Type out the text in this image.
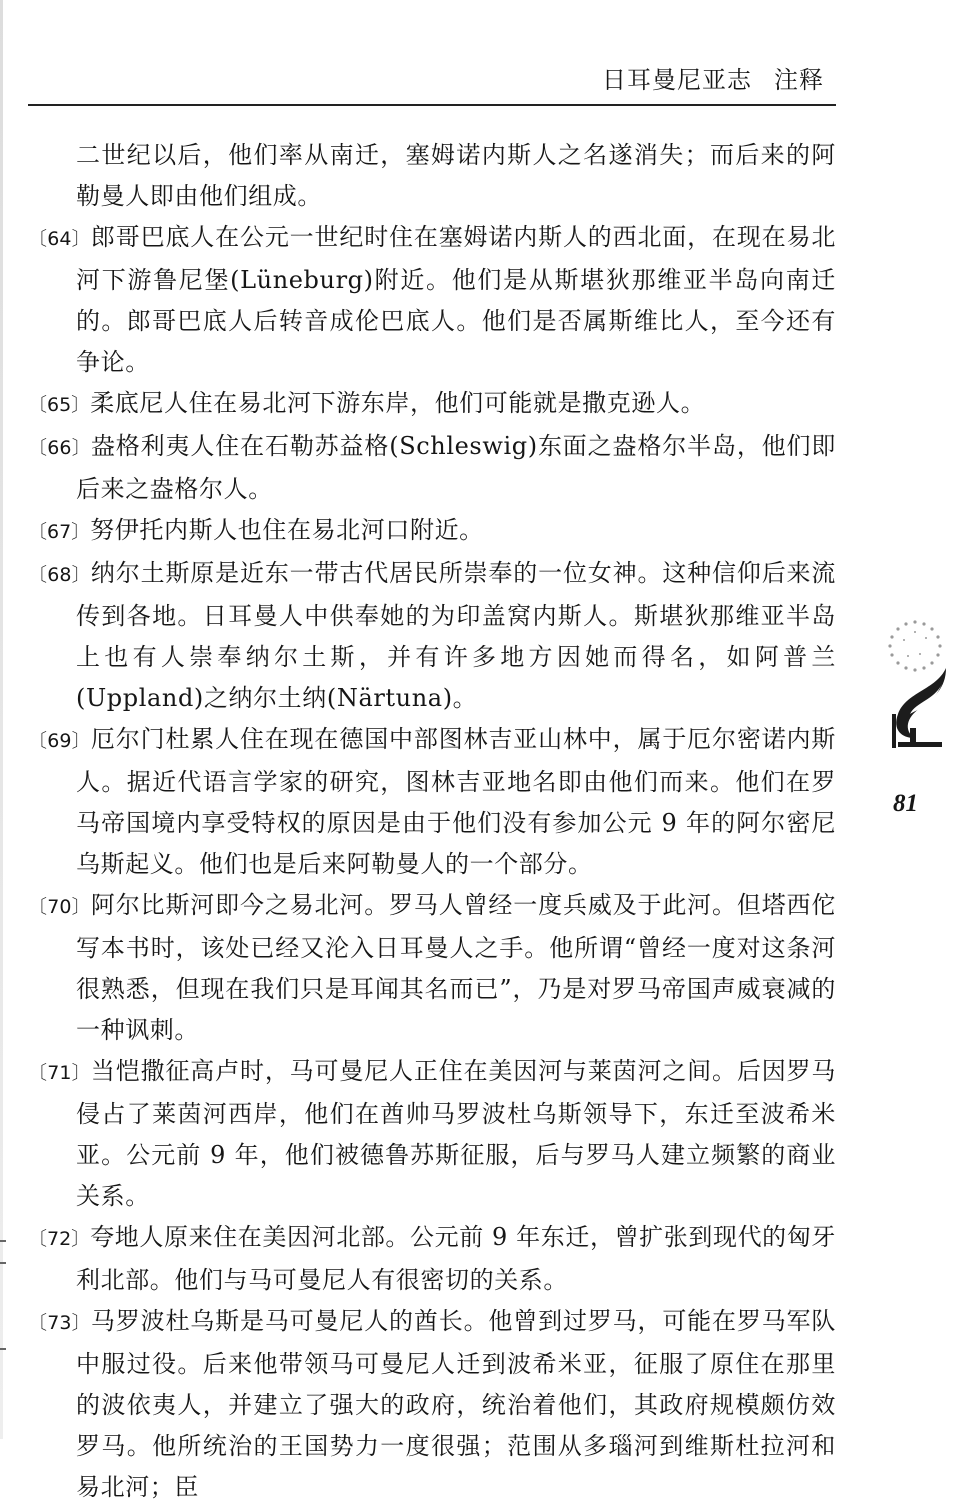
日耳曼尼亚志 注释

二世纪以后，他们率从南迁，塞姆诺内斯人之名遂消失；而后来的阿勒曼人即由他们组成。

〔64〕郎哥巴底人在公元一世纪时住在塞姆诺内斯人的西北面，在现在易北河下游鲁尼堡(Lüneburg)附近。他们是从斯堪狄那维亚半岛向南迁的。郎哥巴底人后转音成伦巴底人。他们是否属斯维比人，至今还有争论。

〔65〕柔底尼人住在易北河下游东岸，他们可能就是撒克逊人。

〔66〕盎格利夷人住在石勒苏益格(Schleswig)东面之盎格尔半岛，他们即后来之盎格尔人。

〔67〕努伊托内斯人也住在易北河口附近。

〔68〕纳尔土斯原是近东一带古代居民所崇奉的一位女神。这种信仰后来流传到各地。日耳曼人中供奉她的为印盖窝内斯人。斯堪狄那维亚半岛上也有人崇奉纳尔土斯，并有许多地方因她而得名，如阿普兰(Uppland)之纳尔土纳(Närtuna)。

〔69〕厄尔门杜累人住在现在德国中部图林吉亚山林中，属于厄尔密诺内斯人。据近代语言学家的研究，图林吉亚地名即由他们而来。他们在罗马帝国境内享受特权的原因是由于他们没有参加公元 9 年的阿尔密尼乌斯起义。他们也是后来阿勒曼人的一个部分。

〔70〕阿尔比斯河即今之易北河。罗马人曾经一度兵威及于此河。但塔西佗写本书时，该处已经又沦入日耳曼人之手。他所谓“曾经一度对这条河很熟悉，但现在我们只是耳闻其名而已”，乃是对罗马帝国声威衰减的一种讽刺。

〔71〕当恺撒征高卢时，马可曼尼人正住在美因河与莱茵河之间。后因罗马侵占了莱茵河西岸，他们在酋帅马罗波杜乌斯领导下，东迁至波希米亚。公元前 9 年，他们被德鲁苏斯征服，后与罗马人建立频繁的商业关系。

〔72〕夸地人原来住在美因河北部。公元前 9 年东迁，曾扩张到现代的匈牙利北部。他们与马可曼尼人有很密切的关系。

〔73〕马罗波杜乌斯是马可曼尼人的酋长。他曾到过罗马，可能在罗马军队中服过役。后来他带领马可曼尼人迁到波希米亚，征服了原住在那里的波依夷人，并建立了强大的政府，统治着他们，其政府规模颇仿效罗马。他所统治的王国势力一度很强；范围从多瑙河到维斯杜拉河和易北河；臣

81
